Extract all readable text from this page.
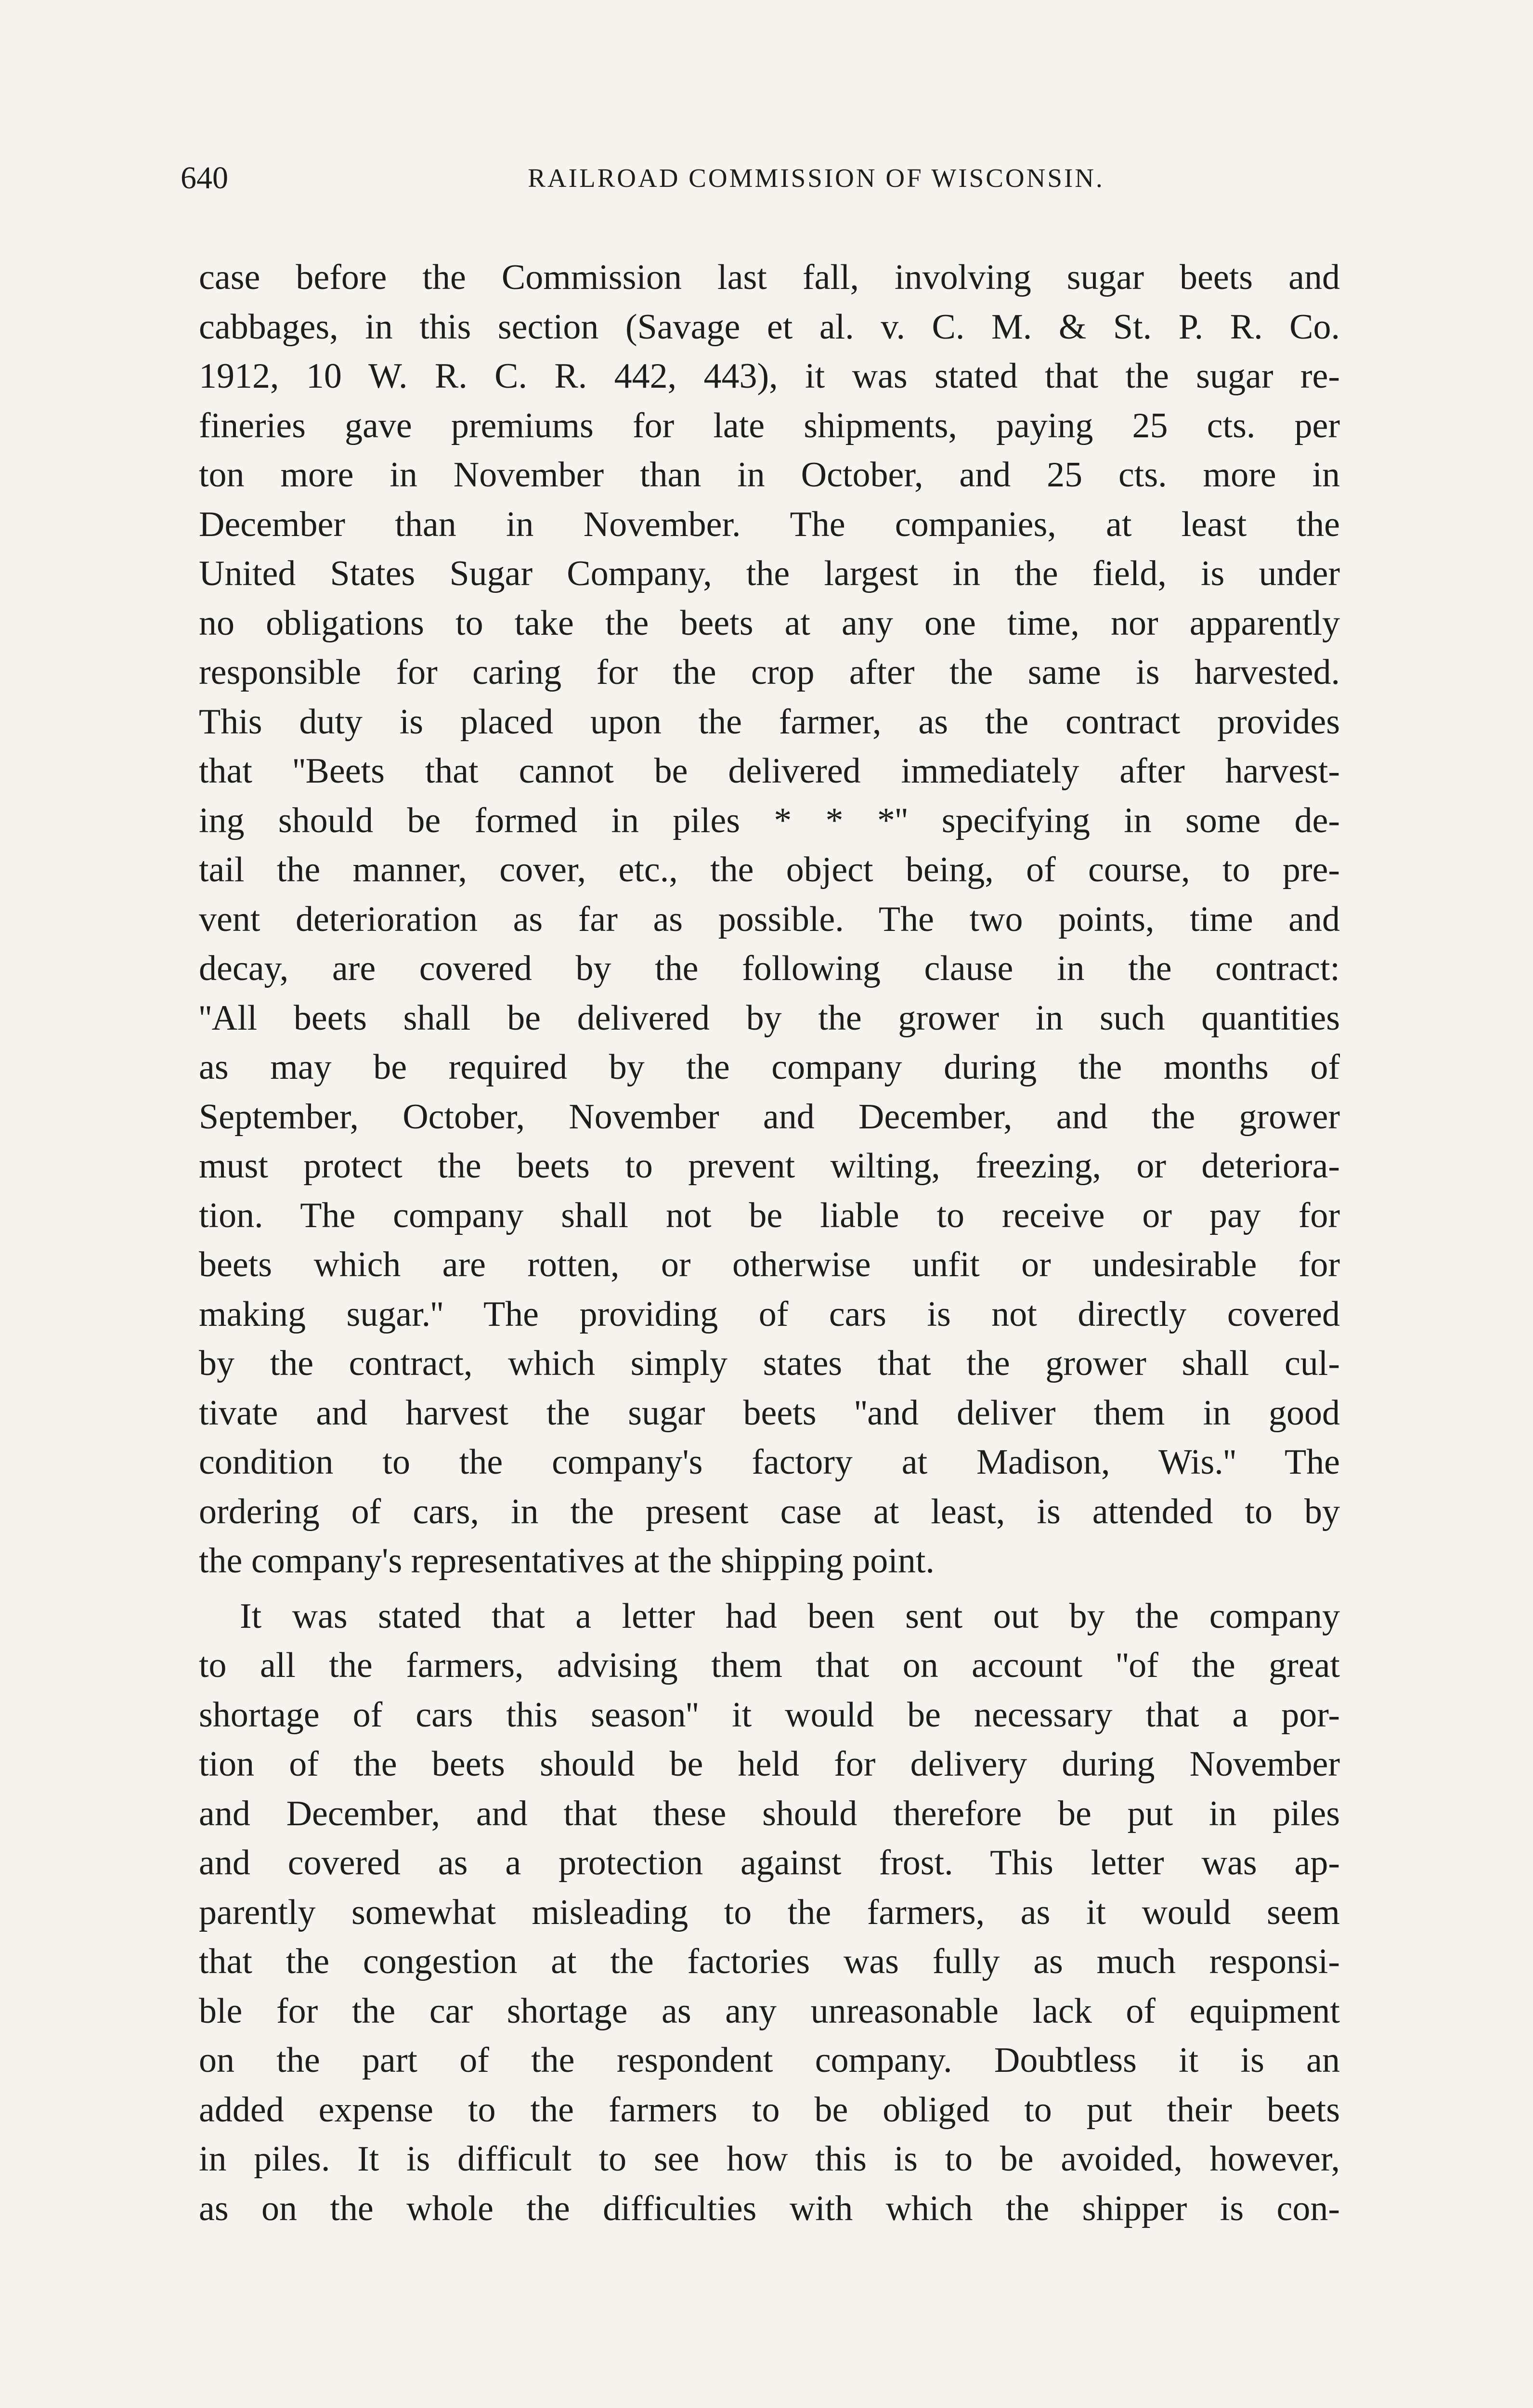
640	RAILROAD COMMISSION OF WISCONSIN.
case before the Commission last fall, involving sugar beets and
cabbages, in this section (Savage et al. v. C. M. & St. P. R. Co.
1912, 10 W. R. C. R. 442, 443), it was stated that the sugar re-
fineries gave premiums for late shipments, paying 25 cts. per
ton more in November than in October, and 25 cts. more in
December than in November. The companies, at least the
United States Sugar Company, the largest in the field, is under
no obligations to take the beets at any one time, nor apparently
responsible for caring for the crop after the same is harvested.
This duty is placed upon the farmer, as the contract provides
that ''Beets that cannot be delivered immediately after harvest-
ing should be formed in piles * * *'' specifying in some de-
tail the manner, cover, etc., the object being, of course, to pre-
vent deterioration as far as possible. The two points, time and
decay, are covered by the following clause in the contract:
''All beets shall be delivered by the grower in such quantities
as may be required by the company during the months of
September, October, November and December, and the grower
must protect the beets to prevent wilting, freezing, or deteriora-
tion. The company shall not be liable to receive or pay for
beets which are rotten, or otherwise unfit or undesirable for
making sugar.'' The providing of cars is not directly covered
by the contract, which simply states that the grower shall cul-
tivate and harvest the sugar beets ''and deliver them in good
condition to the company's factory at Madison, Wis.'' The
ordering of cars, in the present case at least, is attended to by
the company's representatives at the shipping point.
It was stated that a letter had been sent out by the company
to all the farmers, advising them that on account ''of the great
shortage of cars this season'' it would be necessary that a por-
tion of the beets should be held for delivery during November
and December, and that these should therefore be put in piles
and covered as a protection against frost. This letter was ap-
parently somewhat misleading to the farmers, as it would seem
that the congestion at the factories was fully as much responsi-
ble for the car shortage as any unreasonable lack of equipment
on the part of the respondent company. Doubtless it is an
added expense to the farmers to be obliged to put their beets
in piles. It is difficult to see how this is to be avoided, however,
as on the whole the difficulties with which the shipper is con-
